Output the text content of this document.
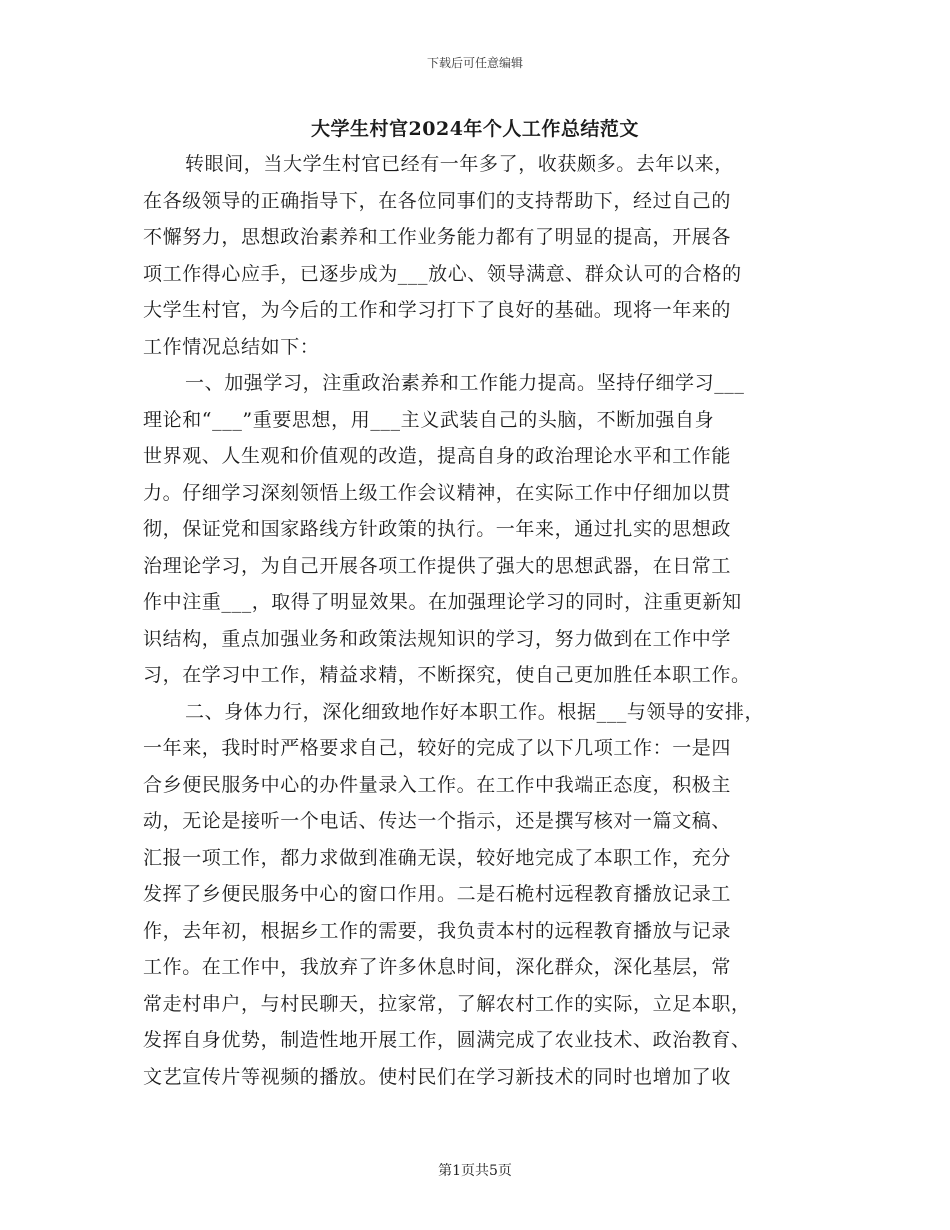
下载后可任意编辑
大学生村官2024年个人工作总结范文
转眼间，当大学生村官已经有一年多了，收获颇多。去年以来，
在各级领导的正确指导下，在各位同事们的支持帮助下，经过自己的
不懈努力，思想政治素养和工作业务能力都有了明显的提高，开展各
项工作得心应手，已逐步成为___放心、领导满意、群众认可的合格的
大学生村官，为今后的工作和学习打下了良好的基础。现将一年来的
工作情况总结如下：
一、加强学习，注重政治素养和工作能力提高。坚持仔细学习___
理论和“___”重要思想，用___主义武装自己的头脑，不断加强自身
世界观、人生观和价值观的改造，提高自身的政治理论水平和工作能
力。仔细学习深刻领悟上级工作会议精神，在实际工作中仔细加以贯
彻，保证党和国家路线方针政策的执行。一年来，通过扎实的思想政
治理论学习，为自己开展各项工作提供了强大的思想武器，在日常工
作中注重___，取得了明显效果。在加强理论学习的同时，注重更新知
识结构，重点加强业务和政策法规知识的学习，努力做到在工作中学
习，在学习中工作，精益求精，不断探究，使自己更加胜任本职工作。
二、身体力行，深化细致地作好本职工作。根据___与领导的安排，
一年来，我时时严格要求自己，较好的完成了以下几项工作：一是四
合乡便民服务中心的办件量录入工作。在工作中我端正态度，积极主
动，无论是接听一个电话、传达一个指示，还是撰写核对一篇文稿、
汇报一项工作，都力求做到准确无误，较好地完成了本职工作，充分
发挥了乡便民服务中心的窗口作用。二是石桅村远程教育播放记录工
作，去年初，根据乡工作的需要，我负责本村的远程教育播放与记录
工作。在工作中，我放弃了许多休息时间，深化群众，深化基层，常
常走村串户，与村民聊天，拉家常，了解农村工作的实际，立足本职，
发挥自身优势，制造性地开展工作，圆满完成了农业技术、政治教育、
文艺宣传片等视频的播放。使村民们在学习新技术的同时也增加了收
第1页共5页
